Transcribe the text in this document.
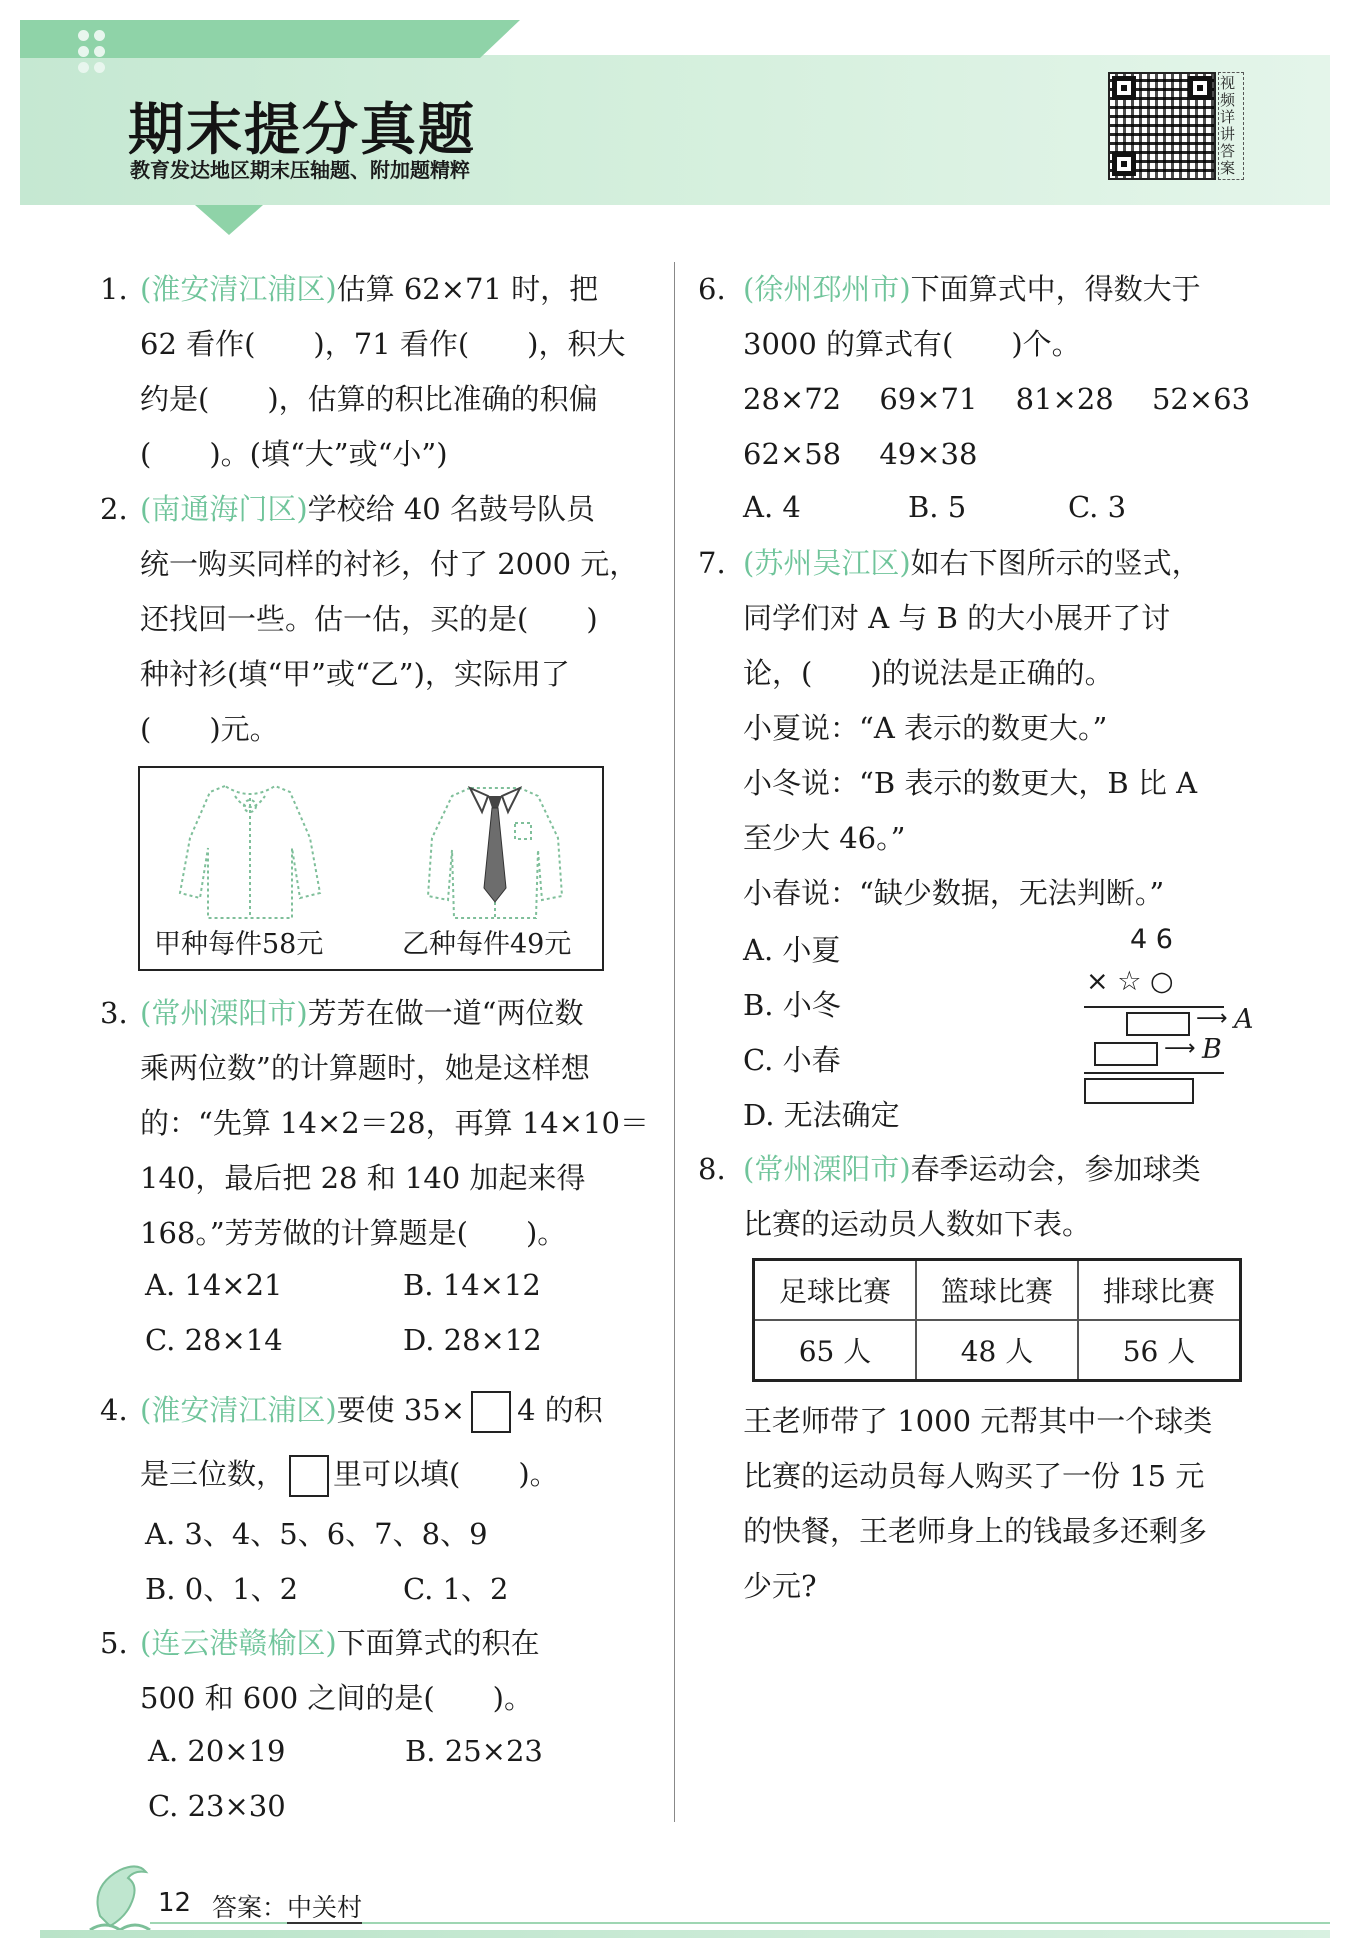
期末提分真题
教育发达地区期末压轴题、附加题精粹
视频详讲答案
1. (淮安清江浦区)估算 62×71 时，把
62 看作(　　)，71 看作(　　)，积大
约是(　　)，估算的积比准确的积偏
(　　)。(填“大”或“小”)
2. (南通海门区)学校给 40 名鼓号队员
统一购买同样的衬衫，付了 2000 元，
还找回一些。估一估，买的是(　　)
种衬衫(填“甲”或“乙”)，实际用了
(　　)元。
甲种每件58元	乙种每件49元
3. (常州溧阳市)芳芳在做一道“两位数
乘两位数”的计算题时，她是这样想
的：“先算 14×2＝28，再算 14×10＝
140，最后把 28 和 140 加起来得
168。”芳芳做的计算题是(　　)。
A. 14×21	B. 14×12
C. 28×14	D. 28×12
4. (淮安清江浦区)要使 35× 4 的积
是三位数， 里可以填(　　)。
A. 3、4、5、6、7、8、9
B. 0、1、2	C. 1、2
5. (连云港赣榆区)下面算式的积在
500 和 600 之间的是(　　)。
A. 20×19	B. 25×23
C. 23×30
6. (徐州邳州市)下面算式中，得数大于
3000 的算式有(　　)个。
28×72　 69×71　 81×28　 52×63
62×58　 49×38
A. 4	B. 5	C. 3
7. (苏州吴江区)如右下图所示的竖式，
同学们对 A 与 B 的大小展开了讨
论，(　　)的说法是正确的。
小夏说：“A 表示的数更大。”
小冬说：“B 表示的数更大，B 比 A
至少大 46。”
小春说：“缺少数据，无法判断。”
A. 小夏
B. 小冬
C. 小春
D. 无法确定
4 6
× ☆ ○
⟶ A
⟶ B
8. (常州溧阳市)春季运动会，参加球类
比赛的运动员人数如下表。
足球比赛	篮球比赛	排球比赛
65 人	48 人	56 人
王老师带了 1000 元帮其中一个球类
比赛的运动员每人购买了一份 15 元
的快餐，王老师身上的钱最多还剩多
少元?
12 答案：中关村
